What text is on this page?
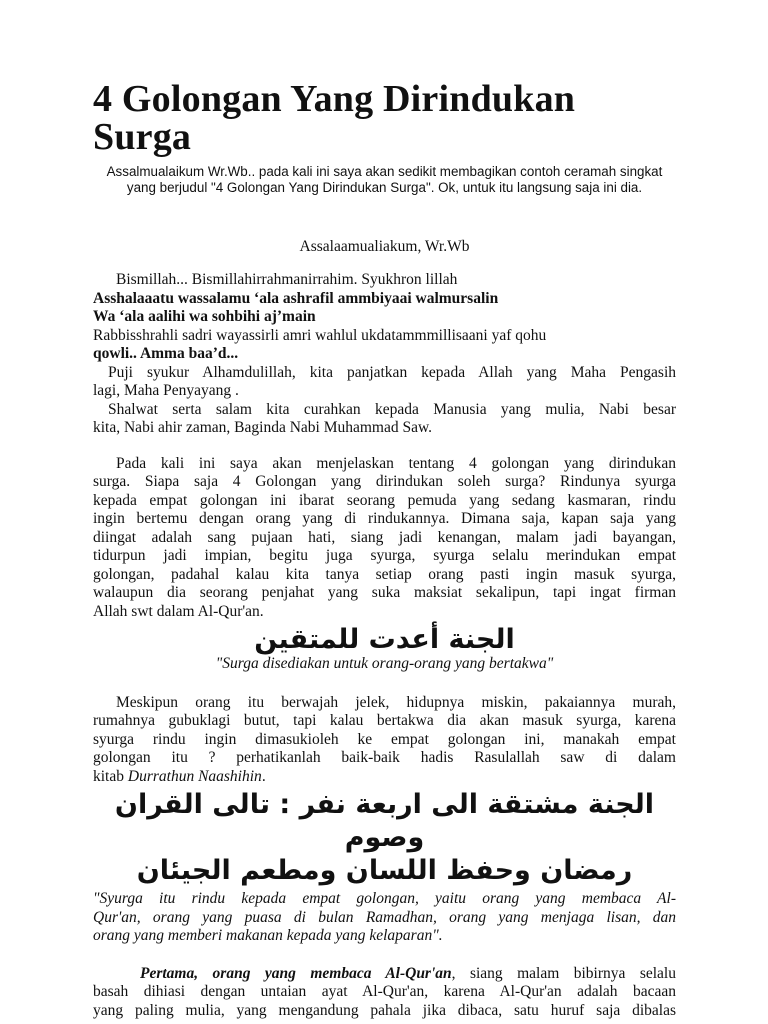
4 Golongan Yang Dirindukan Surga

Assalmualaikum Wr.Wb.. pada kali ini saya akan sedikit membagikan contoh ceramah singkat yang berjudul "4 Golongan Yang Dirindukan Surga". Ok, untuk itu langsung saja ini dia.

Assalaamualiakum, Wr.Wb

Bismillah... Bismillahirrahmanirrahim. Syukhron lillah
Asshalaaatu wassalamu ‘ala ashrafil ammbiyaai walmursalin
Wa ‘ala aalihi wa sohbihi aj’main
Rabbisshrahli sadri wayassirli amri wahlul ukdatammmillisaani yaf qohu
qowli.. Amma baa’d...
Puji syukur Alhamdulillah, kita panjatkan kepada Allah yang Maha Pengasih
lagi, Maha Penyayang .
Shalwat serta salam kita curahkan kepada Manusia yang mulia, Nabi besar
kita, Nabi ahir zaman, Baginda Nabi Muhammad Saw.
Pada kali ini saya akan menjelaskan tentang 4 golongan yang dirindukan
surga. Siapa saja 4 Golongan yang dirindukan soleh surga? Rindunya syurga
kepada empat golongan ini ibarat seorang pemuda yang sedang kasmaran, rindu
ingin bertemu dengan orang yang di rindukannya. Dimana saja, kapan saja yang
diingat adalah sang pujaan hati, siang jadi kenangan, malam jadi bayangan,
tidurpun jadi impian, begitu juga syurga, syurga selalu merindukan empat
golongan, padahal kalau kita tanya setiap orang pasti ingin masuk syurga,
walaupun dia seorang penjahat yang suka maksiat sekalipun, tapi ingat firman
Allah swt dalam Al-Qur'an.

الجنة أعدت للمتقين

"Surga disediakan untuk orang-orang yang bertakwa"

Meskipun orang itu berwajah jelek, hidupnya miskin, pakaiannya murah,
rumahnya gubuklagi butut, tapi kalau bertakwa dia akan masuk syurga, karena
syurga rindu ingin dimasukioleh ke empat golongan ini, manakah empat
golongan itu ? perhatikanlah baik-baik hadis Rasulallah saw di dalam
kitab Durrathun Naashihin.

الجنة مشتقة الى اربعة نفر : تالى القران وصوم

رمضان وحفظ اللسان ومطعم الجيئان

"Syurga itu rindu kepada empat golongan, yaitu orang yang membaca Al-
Qur'an, orang yang puasa di bulan Ramadhan, orang yang menjaga lisan, dan
orang yang memberi makanan kepada yang kelaparan".
Pertama, orang yang membaca Al-Qur'an, siang malam bibirnya selalu
basah dihiasi dengan untaian ayat Al-Qur'an, karena Al-Qur'an adalah bacaan
yang paling mulia, yang mengandung pahala jika dibaca, satu huruf saja dibalas
